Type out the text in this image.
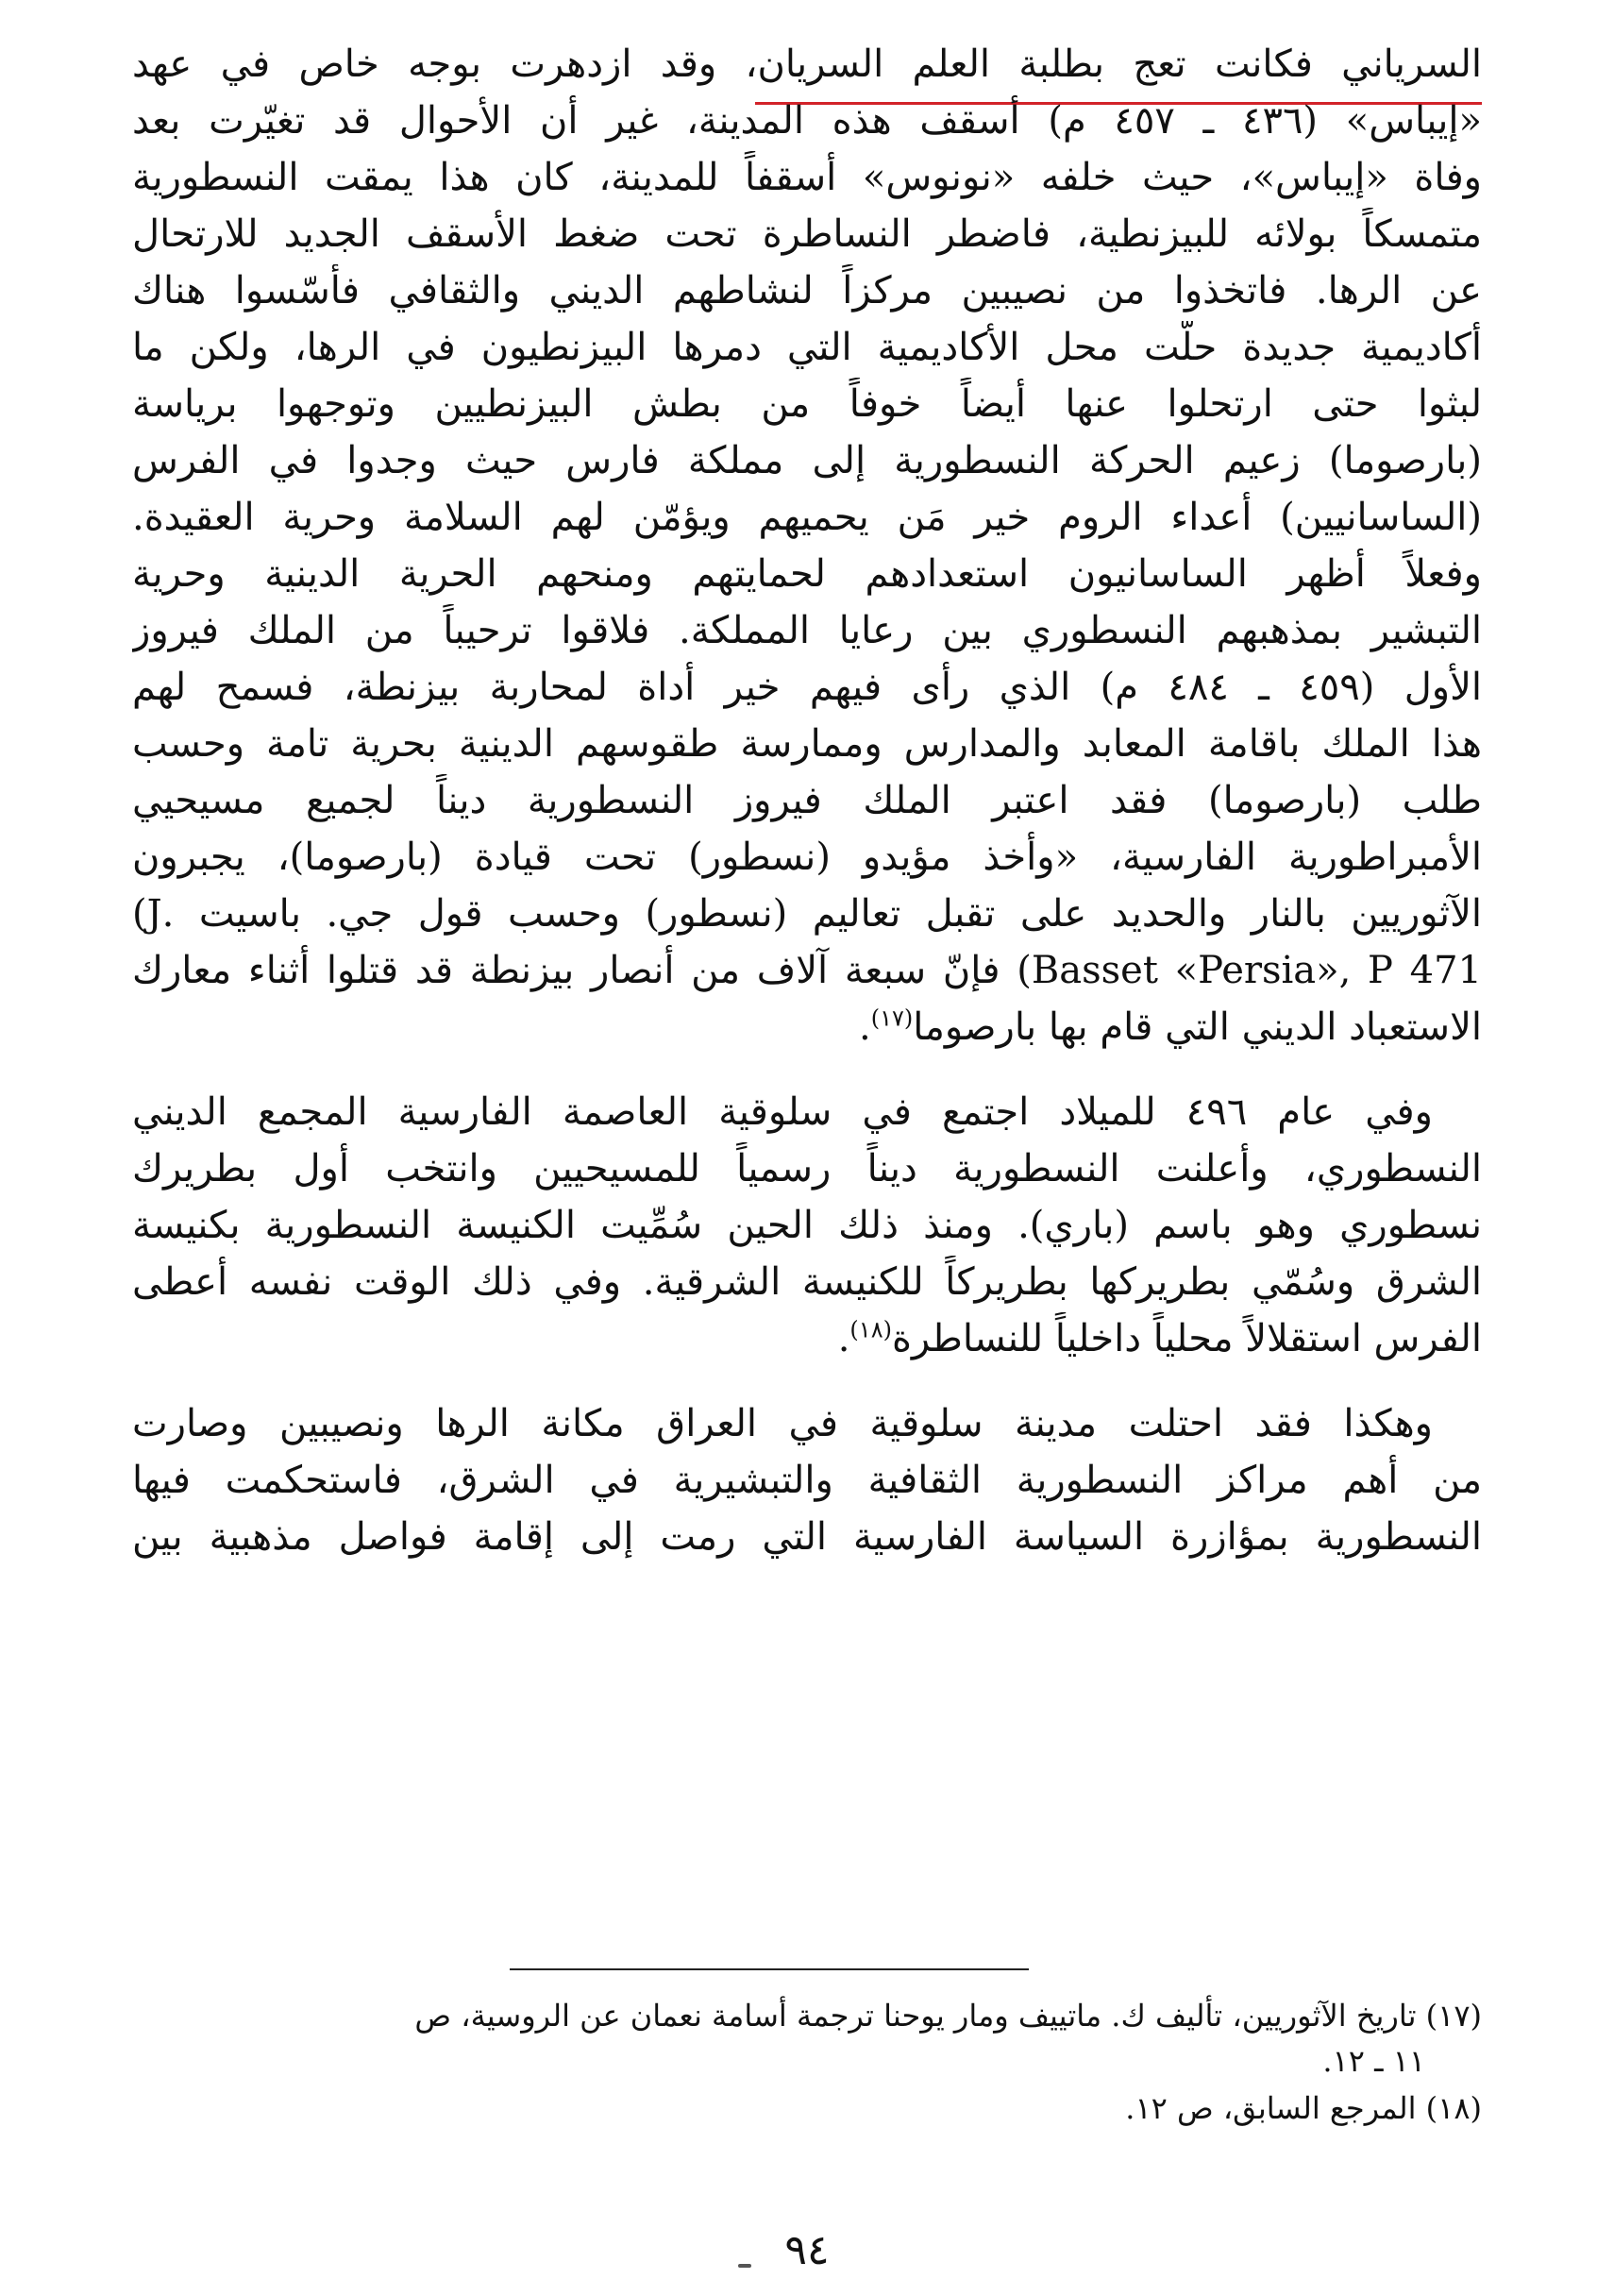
السرياني فكانت تعج بطلبة العلم السريان، وقد ازدهرت بوجه خاص في عهد
«إيباس» (٤٣٦ ـ ٤٥٧ م) أسقف هذه المدينة، غير أن الأحوال قد تغيّرت بعد
وفاة «إيباس»، حيث خلفه «نونوس» أسقفاً للمدينة، كان هذا يمقت النسطورية
متمسكاً بولائه للبيزنطية، فاضطر النساطرة تحت ضغط الأسقف الجديد للارتحال
عن الرها. فاتخذوا من نصيبين مركزاً لنشاطهم الديني والثقافي فأسّسوا هناك
أكاديمية جديدة حلّت محل الأكاديمية التي دمرها البيزنطيون في الرها، ولكن ما
لبثوا حتى ارتحلوا عنها أيضاً خوفاً من بطش البيزنطيين وتوجهوا بریاسة
(بارصوما) زعيم الحركة النسطورية إلى مملكة فارس حيث وجدوا في الفرس
(الساسانيين) أعداء الروم خير مَن يحميهم ويؤمّن لهم السلامة وحرية العقيدة.
وفعلاً أظهر الساسانيون استعدادهم لحمايتهم ومنحهم الحرية الدينية وحرية
التبشير بمذهبهم النسطوري بين رعايا المملكة. فلاقوا ترحيباً من الملك فيروز
الأول (٤٥٩ ـ ٤٨٤ م) الذي رأى فيهم خير أداة لمحاربة بيزنطة، فسمح لهم
هذا الملك باقامة المعابد والمدارس وممارسة طقوسهم الدينية بحرية تامة وحسب
طلب (بارصوما) فقد اعتبر الملك فيروز النسطورية ديناً لجميع مسيحيي
الأمبراطورية الفارسية، «وأخذ مؤيدو (نسطور) تحت قيادة (بارصوما)، يجبرون
الآثوريين بالنار والحديد على تقبل تعاليم (نسطور) وحسب قول جي. باسيت .J)
Basset «Persia», P 471) فإنّ سبعة آلاف من أنصار بيزنطة قد قتلوا أثناء معارك
الاستعباد الديني التي قام بها بارصوما$^{(١٧)}$.
وفي عام ٤٩٦ للميلاد اجتمع في سلوقية العاصمة الفارسية المجمع الديني
النسطوري، وأعلنت النسطورية ديناً رسمياً للمسيحيين وانتخب أول بطريرك
نسطوري وهو باسم (باري). ومنذ ذلك الحين سُمِّيت الكنيسة النسطورية بكنيسة
الشرق وسُمّي بطريركها بطريركاً للكنيسة الشرقية. وفي ذلك الوقت نفسه أعطى
الفرس استقلالاً محلياً داخلياً للنساطرة$^{(١٨)}$.
وهكذا فقد احتلت مدينة سلوقية في العراق مكانة الرها ونصيبين وصارت
من أهم مراكز النسطورية الثقافية والتبشيرية في الشرق، فاستحكمت فيها
النسطورية بمؤازرة السياسة الفارسية التي رمت إلى إقامة فواصل مذهبية بين
(١٧) تاريخ الآثوريين، تأليف ك. ماتييف ومار يوحنا ترجمة أسامة نعمان عن الروسية، ص
١١ ـ ١٢.
(١٨) المرجع السابق، ص ١٢.
٩٤
